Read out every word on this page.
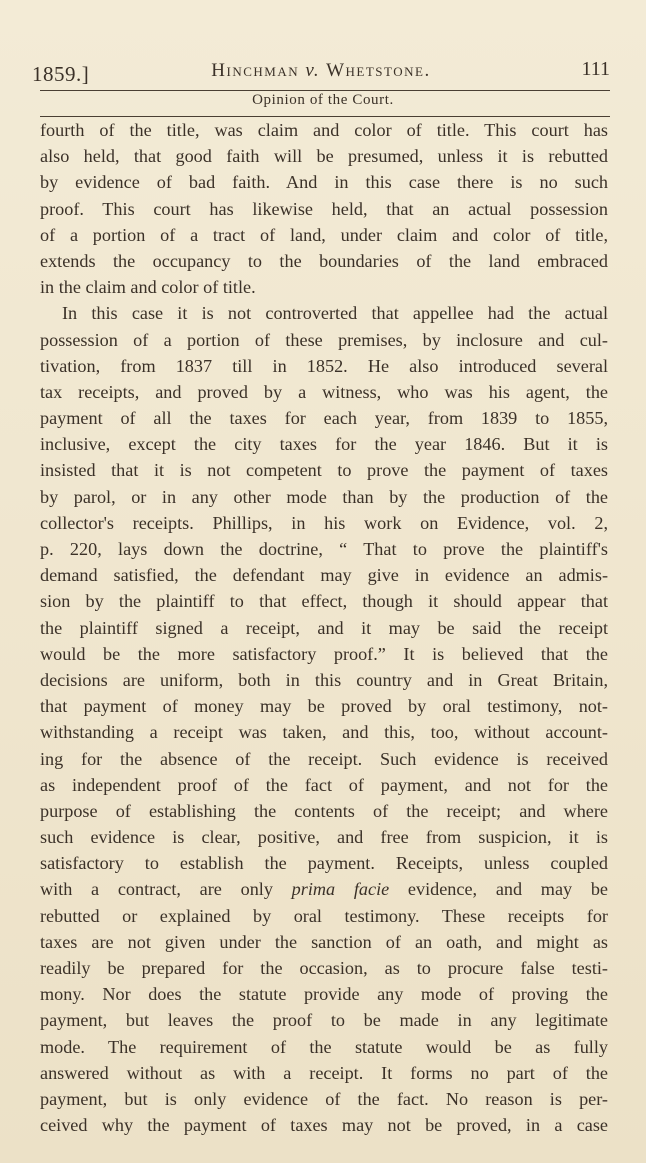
1859.]	Hinchman v. Whetstone.	111
Opinion of the Court.
fourth of the title, was claim and color of title. This court has
also held, that good faith will be presumed, unless it is rebutted
by evidence of bad faith. And in this case there is no such
proof. This court has likewise held, that an actual possession
of a portion of a tract of land, under claim and color of title,
extends the occupancy to the boundaries of the land embraced
in the claim and color of title.
In this case it is not controverted that appellee had the actual
possession of a portion of these premises, by inclosure and cul-
tivation, from 1837 till in 1852. He also introduced several
tax receipts, and proved by a witness, who was his agent, the
payment of all the taxes for each year, from 1839 to 1855,
inclusive, except the city taxes for the year 1846. But it is
insisted that it is not competent to prove the payment of taxes
by parol, or in any other mode than by the production of the
collector's receipts. Phillips, in his work on Evidence, vol. 2,
p. 220, lays down the doctrine, “ That to prove the plaintiff's
demand satisfied, the defendant may give in evidence an admis-
sion by the plaintiff to that effect, though it should appear that
the plaintiff signed a receipt, and it may be said the receipt
would be the more satisfactory proof.” It is believed that the
decisions are uniform, both in this country and in Great Britain,
that payment of money may be proved by oral testimony, not-
withstanding a receipt was taken, and this, too, without account-
ing for the absence of the receipt. Such evidence is received
as independent proof of the fact of payment, and not for the
purpose of establishing the contents of the receipt; and where
such evidence is clear, positive, and free from suspicion, it is
satisfactory to establish the payment. Receipts, unless coupled
with a contract, are only prima facie evidence, and may be
rebutted or explained by oral testimony. These receipts for
taxes are not given under the sanction of an oath, and might as
readily be prepared for the occasion, as to procure false testi-
mony. Nor does the statute provide any mode of proving the
payment, but leaves the proof to be made in any legitimate
mode. The requirement of the statute would be as fully
answered without as with a receipt. It forms no part of the
payment, but is only evidence of the fact. No reason is per-
ceived why the payment of taxes may not be proved, in a case
